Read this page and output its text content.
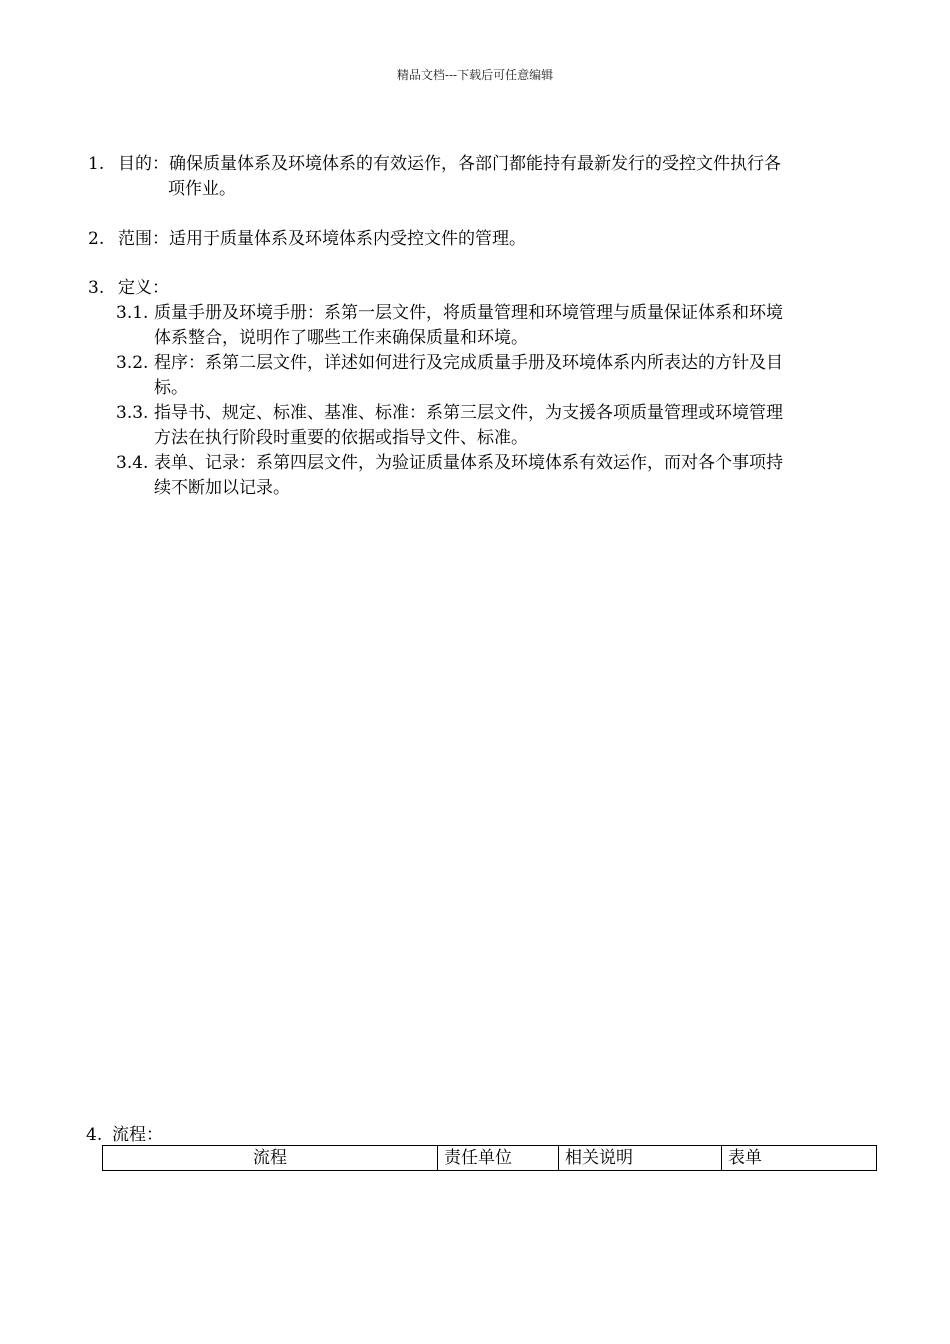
精品文档---下载后可任意编辑
1. 目的：确保质量体系及环境体系的有效运作，各部门都能持有最新发行的受控文件执行各
项作业。
2. 范围：适用于质量体系及环境体系内受控文件的管理。
3. 定义：
3.1. 质量手册及环境手册：系第一层文件，将质量管理和环境管理与质量保证体系和环境
体系整合，说明作了哪些工作来确保质量和环境。
3.2. 程序：系第二层文件，详述如何进行及完成质量手册及环境体系内所表达的方针及目
标。
3.3. 指导书、规定、标准、基准、标准：系第三层文件，为支援各项质量管理或环境管理
方法在执行阶段时重要的依据或指导文件、标准。
3.4. 表单、记录：系第四层文件，为验证质量体系及环境体系有效运作，而对各个事项持
续不断加以记录。
4. 流程：
流程	责任单位	相关说明	表单
